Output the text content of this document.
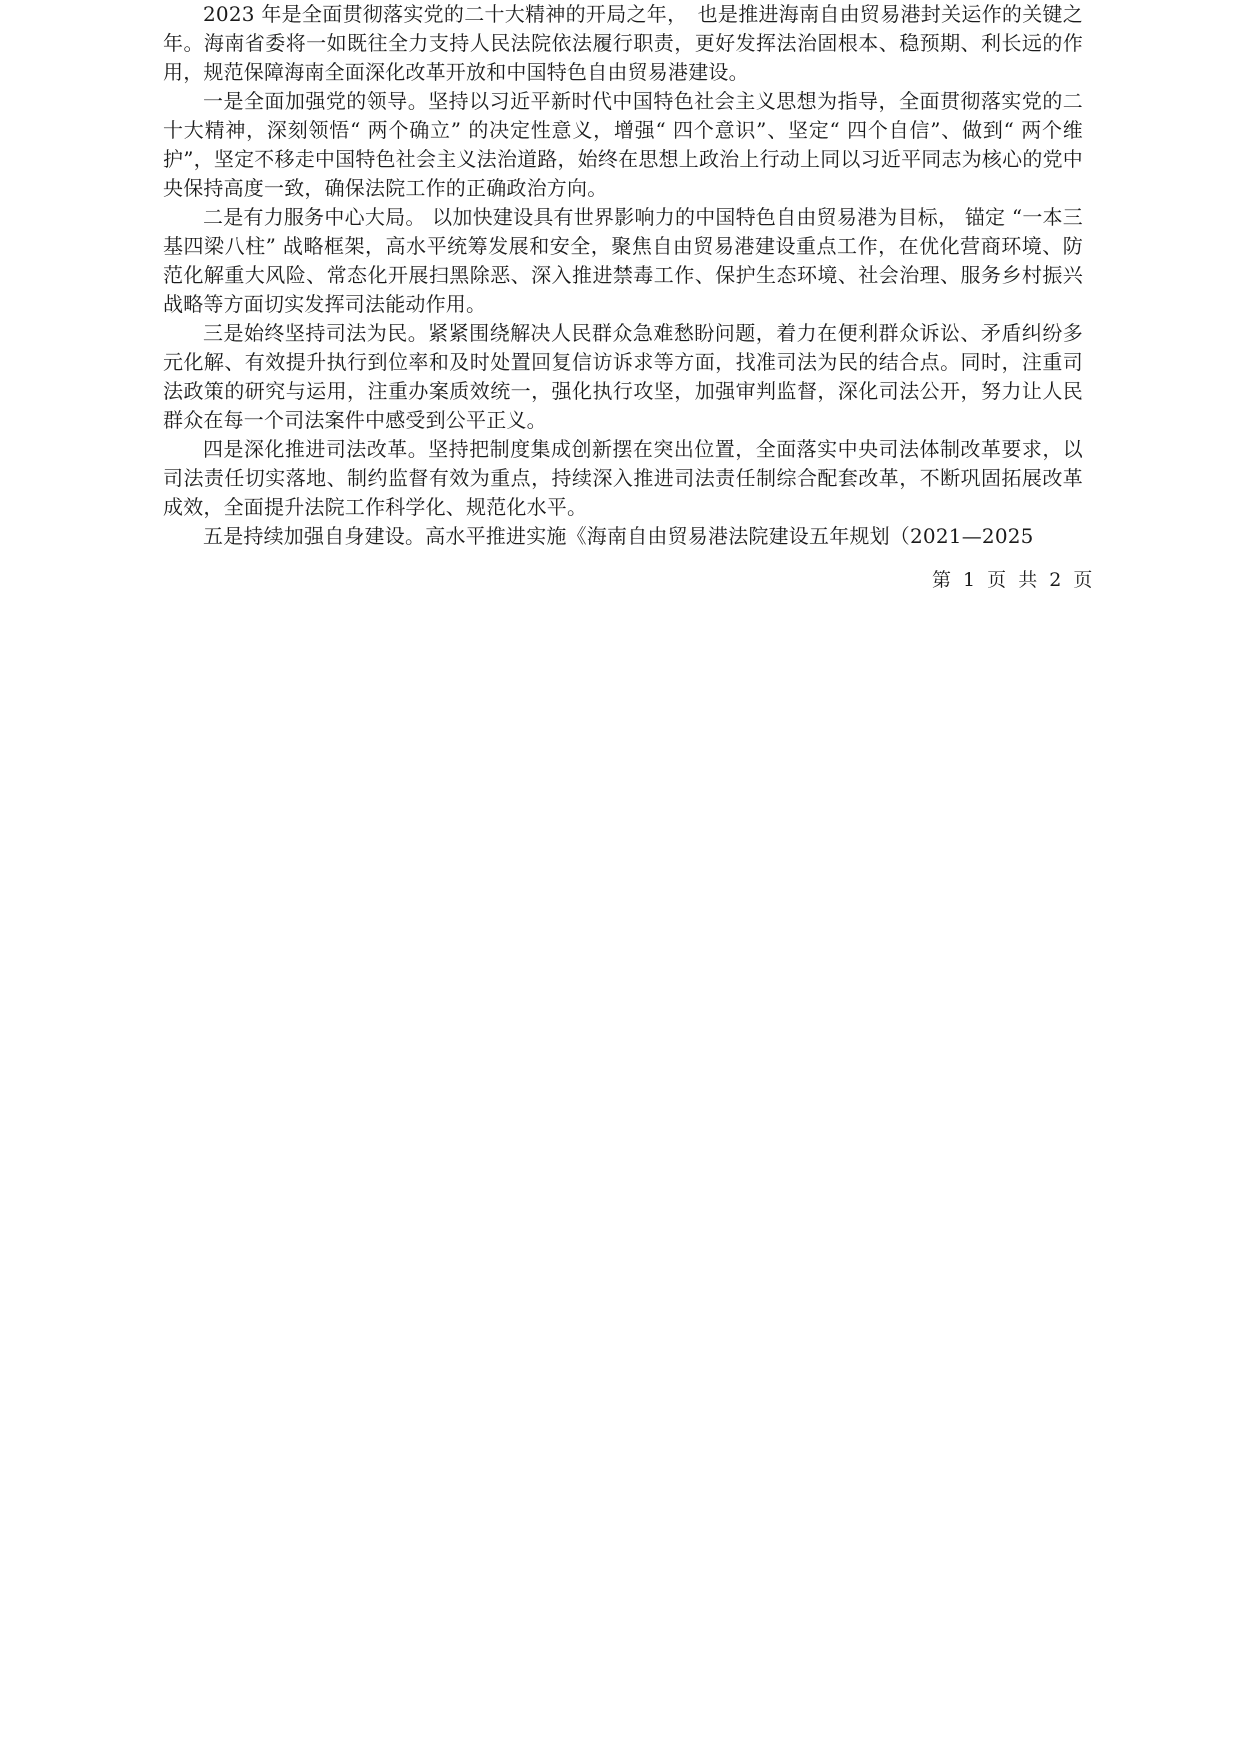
2023 年是全面贯彻落实党的二十大精神的开局之年，　也是推进海南自由贸易港封关运作的关键之年。海南省委将一如既往全力支持人民法院依法履行职责，更好发挥法治固根本、稳预期、利长远的作用，规范保障海南全面深化改革开放和中国特色自由贸易港建设。

一是全面加强党的领导。坚持以习近平新时代中国特色社会主义思想为指导，全面贯彻落实党的二十大精神，深刻领悟“ 两个确立” 的决定性意义，增强“ 四个意识”、坚定“ 四个自信”、做到“ 两个维护”，坚定不移走中国特色社会主义法治道路，始终在思想上政治上行动上同以习近平同志为核心的党中央保持高度一致，确保法院工作的正确政治方向。

二是有力服务中心大局。 以加快建设具有世界影响力的中国特色自由贸易港为目标， 锚定 “一本三基四梁八柱” 战略框架，高水平统筹发展和安全，聚焦自由贸易港建设重点工作，在优化营商环境、防范化解重大风险、常态化开展扫黑除恶、深入推进禁毒工作、保护生态环境、社会治理、服务乡村振兴战略等方面切实发挥司法能动作用。

三是始终坚持司法为民。紧紧围绕解决人民群众急难愁盼问题，着力在便利群众诉讼、矛盾纠纷多元化解、有效提升执行到位率和及时处置回复信访诉求等方面，找准司法为民的结合点。同时，注重司法政策的研究与运用，注重办案质效统一，强化执行攻坚，加强审判监督，深化司法公开，努力让人民群众在每一个司法案件中感受到公平正义。

四是深化推进司法改革。坚持把制度集成创新摆在突出位置，全面落实中央司法体制改革要求，以司法责任切实落地、制约监督有效为重点，持续深入推进司法责任制综合配套改革，不断巩固拓展改革成效，全面提升法院工作科学化、规范化水平。

五是持续加强自身建设。高水平推进实施《海南自由贸易港法院建设五年规划（2021—2025

第 1 页 共 2 页
